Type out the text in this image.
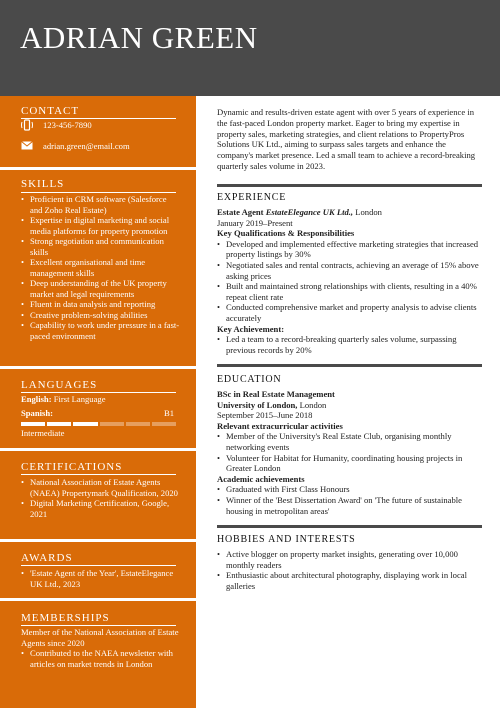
ADRIAN GREEN
CONTACT
123-456-7890
adrian.green@email.com
SKILLS
• Proficient in CRM software (Salesforce and Zoho Real Estate)
• Expertise in digital marketing and social media platforms for property promotion
• Strong negotiation and communication skills
• Excellent organisational and time management skills
• Deep understanding of the UK property market and legal requirements
• Fluent in data analysis and reporting
• Creative problem-solving abilities
• Capability to work under pressure in a fast-paced environment
LANGUAGES
English: First Language
Spanish:	B1
Intermediate
CERTIFICATIONS
• National Association of Estate Agents (NAEA) Propertymark Qualification, 2020
• Digital Marketing Certification, Google, 2021
AWARDS
• 'Estate Agent of the Year', EstateElegance UK Ltd., 2023
MEMBERSHIPS
Member of the National Association of Estate Agents since 2020
• Contributed to the NAEA newsletter with articles on market trends in London
Dynamic and results-driven estate agent with over 5 years of experience in the fast-paced London property market. Eager to bring my expertise in property sales, marketing strategies, and client relations to PropertyPros Solutions UK Ltd., aiming to surpass sales targets and enhance the company's market presence. Led a small team to achieve a record-breaking quarterly sales volume in 2023.
EXPERIENCE
Estate Agent EstateElegance UK Ltd., London
January 2019–Present
Key Qualifications & Responsibilities
• Developed and implemented effective marketing strategies that increased property listings by 30%
• Negotiated sales and rental contracts, achieving an average of 15% above asking prices
• Built and maintained strong relationships with clients, resulting in a 40% repeat client rate
• Conducted comprehensive market and property analysis to advise clients accurately
Key Achievement:
• Led a team to a record-breaking quarterly sales volume, surpassing previous records by 20%
EDUCATION
BSc in Real Estate Management
University of London, London
September 2015–June 2018
Relevant extracurricular activities
• Member of the University's Real Estate Club, organising monthly networking events
• Volunteer for Habitat for Humanity, coordinating housing projects in Greater London
Academic achievements
• Graduated with First Class Honours
• Winner of the 'Best Dissertation Award' on 'The future of sustainable housing in metropolitan areas'
HOBBIES AND INTERESTS
• Active blogger on property market insights, generating over 10,000 monthly readers
• Enthusiastic about architectural photography, displaying work in local galleries
